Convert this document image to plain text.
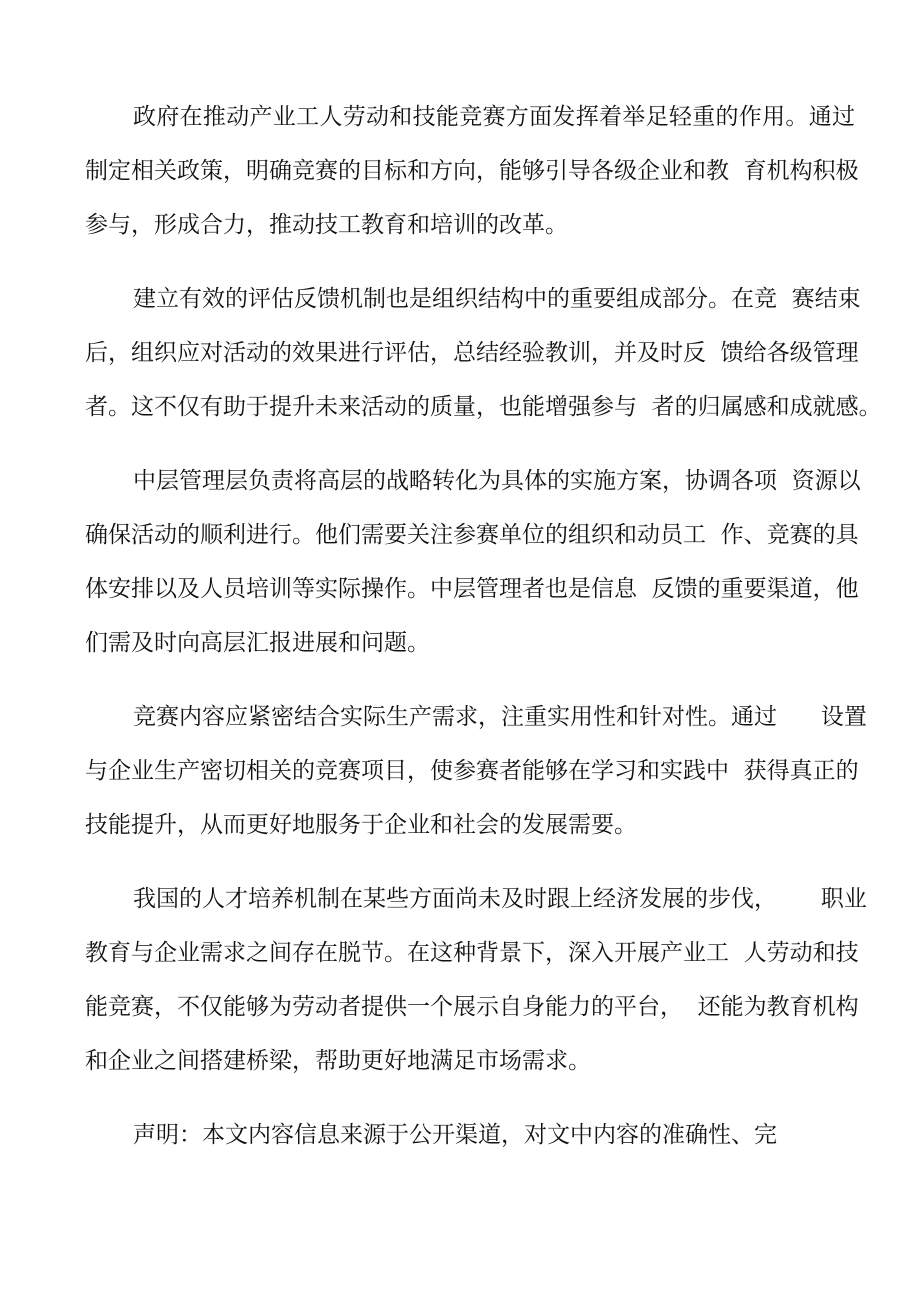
政府在推动产业工人劳动和技能竞赛方面发挥着举足轻重的作用。通过
制定相关政策，明确竞赛的目标和方向，能够引导各级企业和教  育机构积极
参与，形成合力，推动技工教育和培训的改革。
建立有效的评估反馈机制也是组织结构中的重要组成部分。在竞  赛结束
后，组织应对活动的效果进行评估，总结经验教训，并及时反  馈给各级管理
者。这不仅有助于提升未来活动的质量，也能增强参与  者的归属感和成就感。
中层管理层负责将高层的战略转化为具体的实施方案，协调各项  资源以
确保活动的顺利进行。他们需要关注参赛单位的组织和动员工  作、竞赛的具
体安排以及人员培训等实际操作。中层管理者也是信息  反馈的重要渠道，他
们需及时向高层汇报进展和问题。
竞赛内容应紧密结合实际生产需求，注重实用性和针对性。通过      设置
与企业生产密切相关的竞赛项目，使参赛者能够在学习和实践中  获得真正的
技能提升，从而更好地服务于企业和社会的发展需要。
我国的人才培养机制在某些方面尚未及时跟上经济发展的步伐，      职业
教育与企业需求之间存在脱节。在这种背景下，深入开展产业工  人劳动和技
能竞赛，不仅能够为劳动者提供一个展示自身能力的平台，  还能为教育机构
和企业之间搭建桥梁，帮助更好地满足市场需求。
声明：本文内容信息来源于公开渠道，对文中内容的准确性、完
